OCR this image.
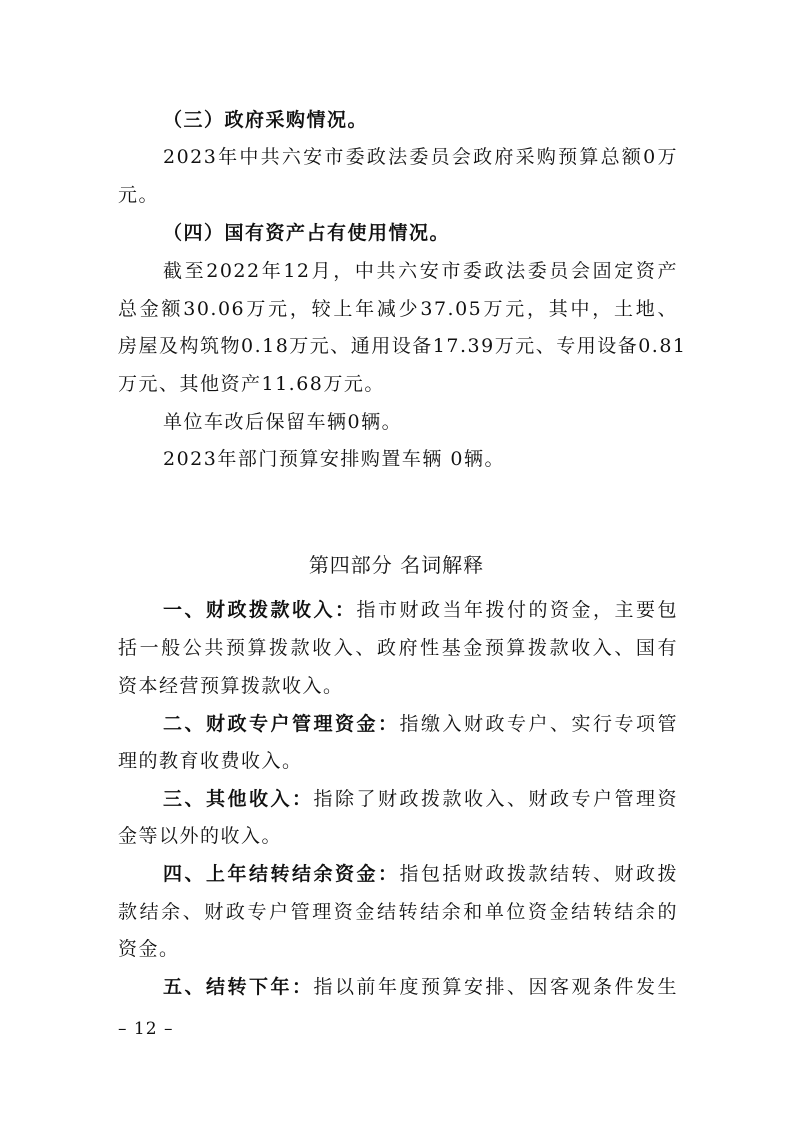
（三）政府采购情况。
2023年中共六安市委政法委员会政府采购预算总额0万
元。
（四）国有资产占有使用情况。
截至2022年12月，中共六安市委政法委员会固定资产
总金额30.06万元，较上年减少37.05万元，其中，土地、
房屋及构筑物0.18万元、通用设备17.39万元、专用设备0.81
万元、其他资产11.68万元。
单位车改后保留车辆0辆。
2023年部门预算安排购置车辆 0辆。
第四部分 名词解释
一、财政拨款收入：指市财政当年拨付的资金，主要包
括一般公共预算拨款收入、政府性基金预算拨款收入、国有
资本经营预算拨款收入。
二、财政专户管理资金：指缴入财政专户、实行专项管
理的教育收费收入。
三、其他收入：指除了财政拨款收入、财政专户管理资
金等以外的收入。
四、上年结转结余资金：指包括财政拨款结转、财政拨
款结余、财政专户管理资金结转结余和单位资金结转结余的
资金。
五、结转下年：指以前年度预算安排、因客观条件发生
– 12 –
